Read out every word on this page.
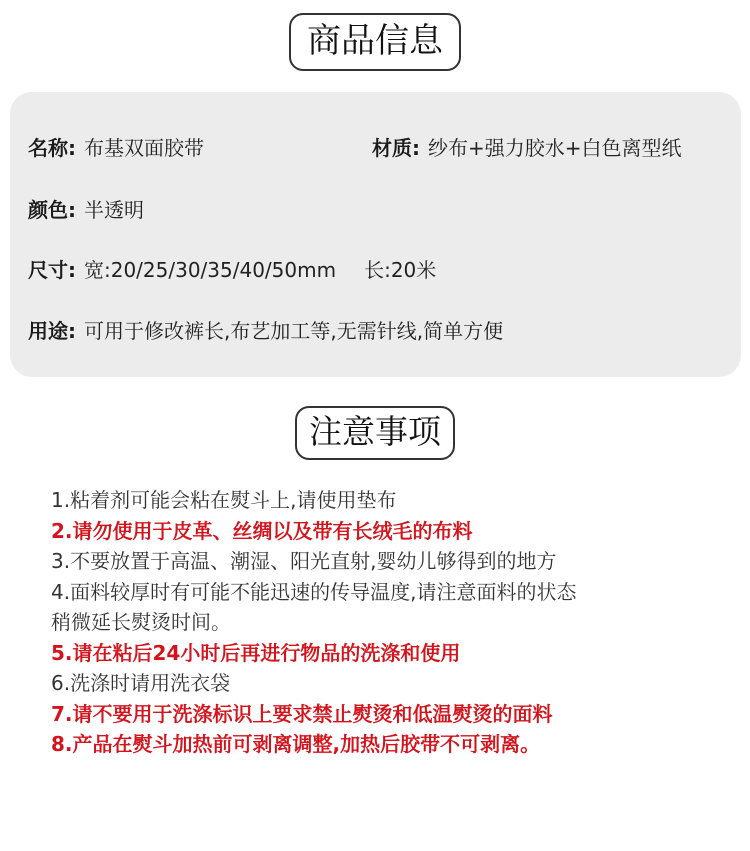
商品信息
名称: 布基双面胶带	材质: 纱布+强力胶水+白色离型纸
颜色: 半透明
尺寸: 宽:20/25/30/35/40/50mm 长:20米
用途: 可用于修改裤长,布艺加工等,无需针线,简单方便
注意事项
1.粘着剂可能会粘在熨斗上,请使用垫布
2.请勿使用于皮革、丝绸以及带有长绒毛的布料
3.不要放置于高温、潮湿、阳光直射,婴幼儿够得到的地方
4.面料较厚时有可能不能迅速的传导温度,请注意面料的状态
稍微延长熨烫时间。
5.请在粘后24小时后再进行物品的洗涤和使用
6.洗涤时请用洗衣袋
7.请不要用于洗涤标识上要求禁止熨烫和低温熨烫的面料
8.产品在熨斗加热前可剥离调整,加热后胶带不可剥离。
